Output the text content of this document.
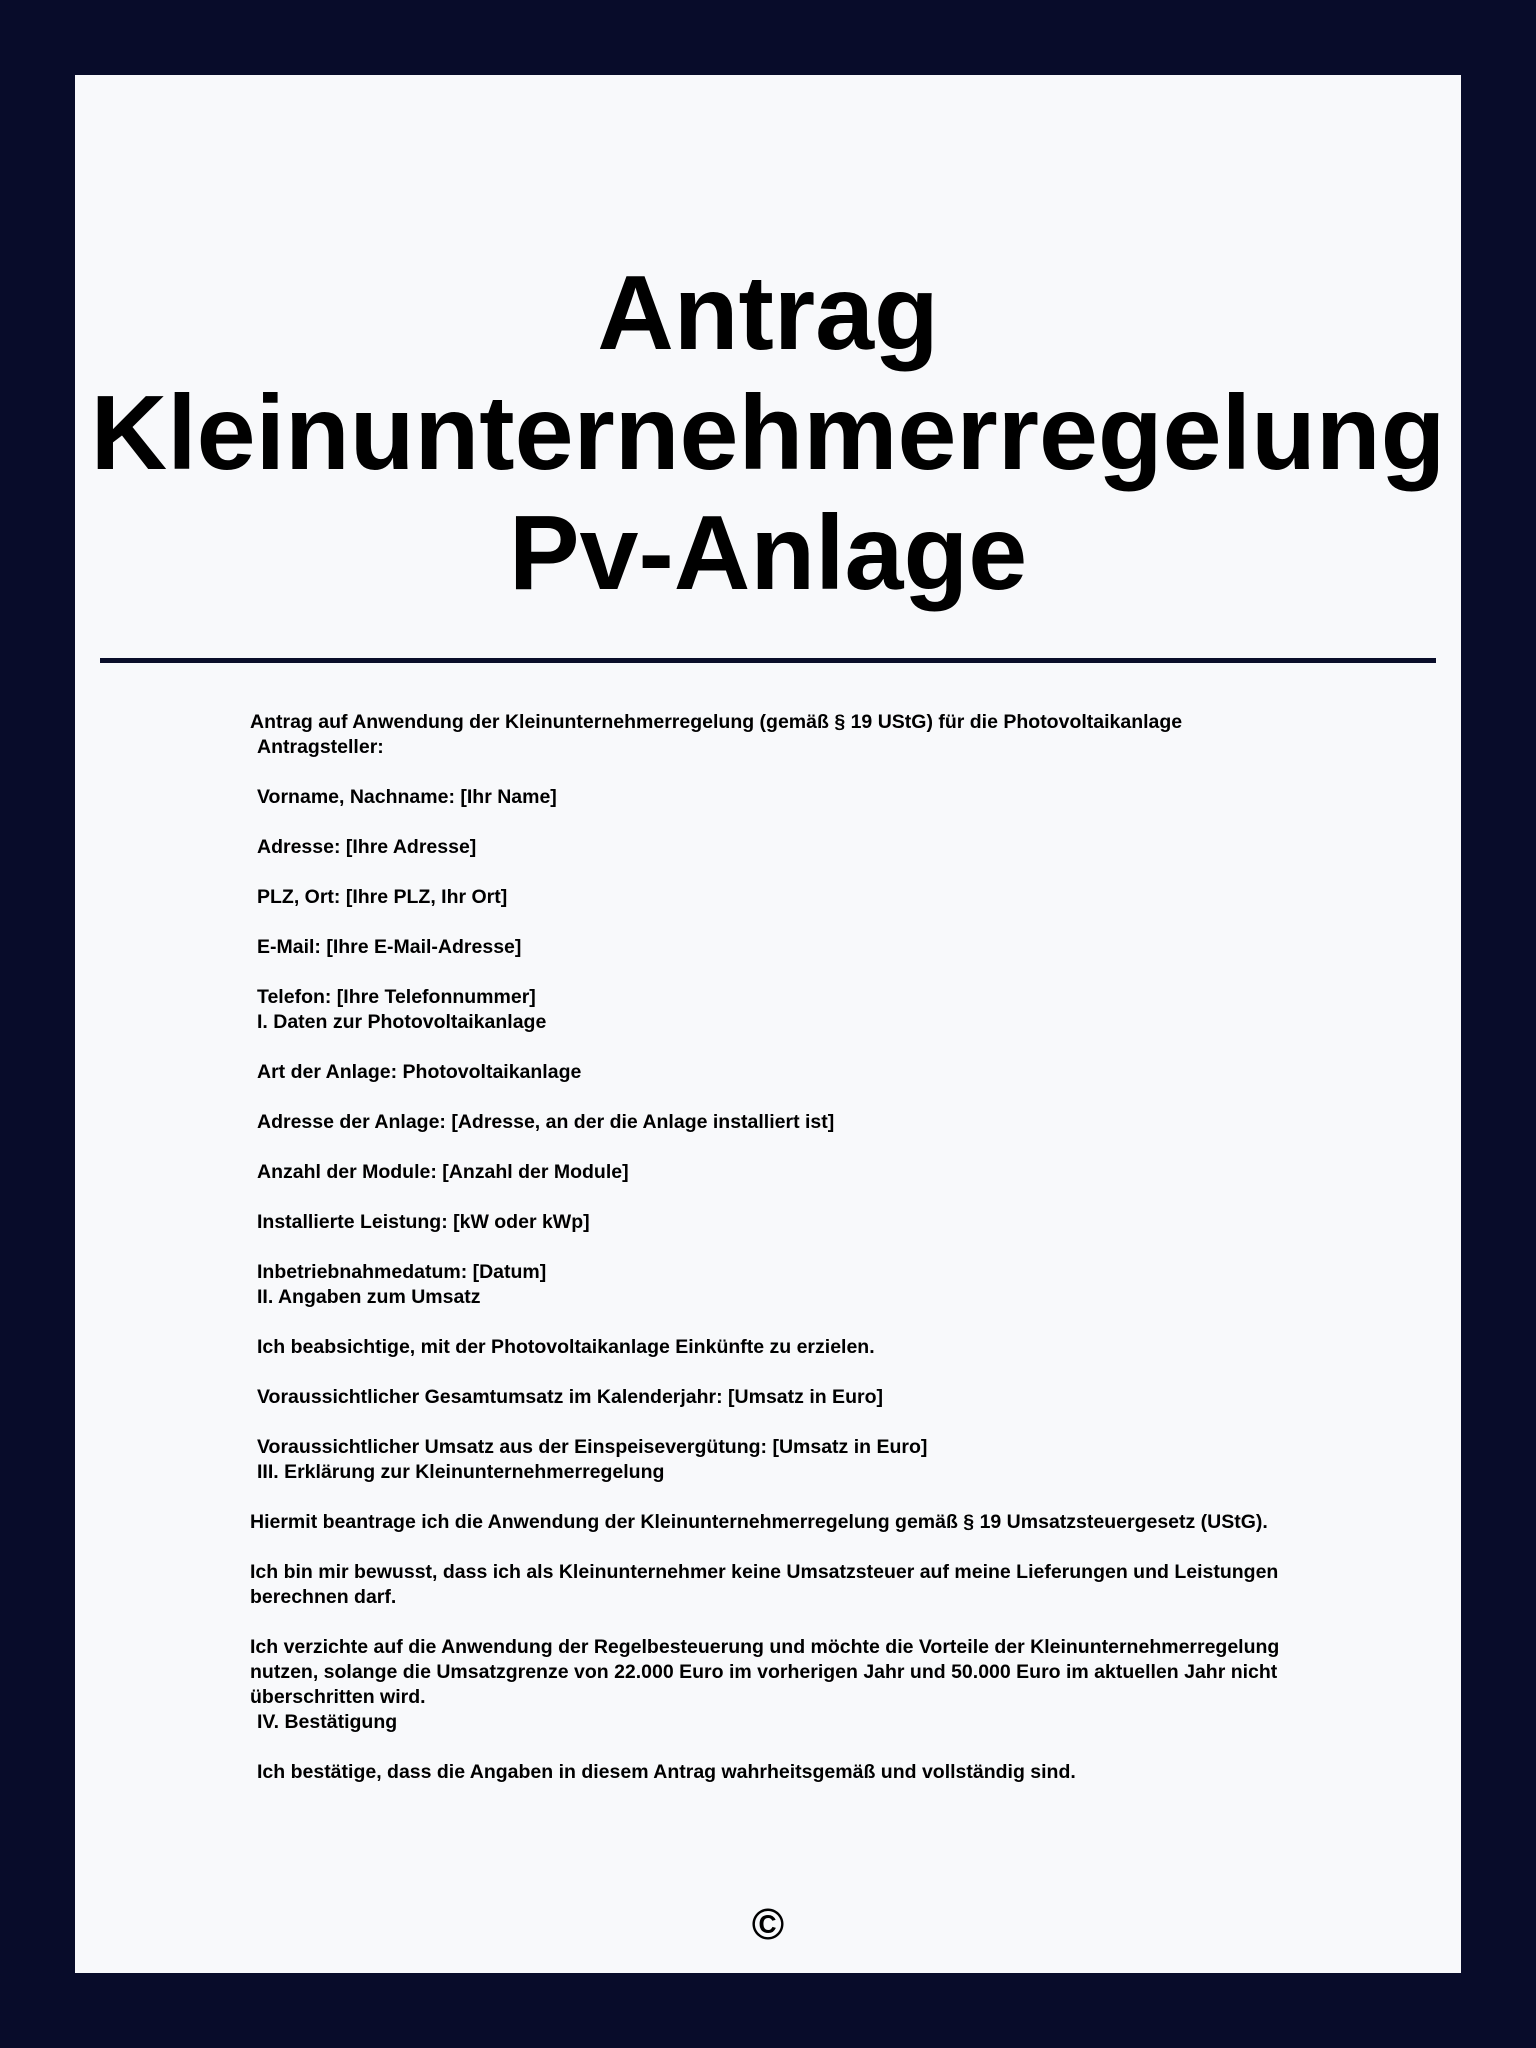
Antrag
Kleinunternehmerregelung
Pv-Anlage

Antrag auf Anwendung der Kleinunternehmerregelung (gemäß § 19 UStG) für die Photovoltaikanlage

Antragsteller:

Vorname, Nachname: [Ihr Name]

Adresse: [Ihre Adresse]

PLZ, Ort: [Ihre PLZ, Ihr Ort]

E-Mail: [Ihre E-Mail-Adresse]

Telefon: [Ihre Telefonnummer]

I. Daten zur Photovoltaikanlage

Art der Anlage: Photovoltaikanlage

Adresse der Anlage: [Adresse, an der die Anlage installiert ist]

Anzahl der Module: [Anzahl der Module]

Installierte Leistung: [kW oder kWp]

Inbetriebnahmedatum: [Datum]

II. Angaben zum Umsatz

Ich beabsichtige, mit der Photovoltaikanlage Einkünfte zu erzielen.

Voraussichtlicher Gesamtumsatz im Kalenderjahr: [Umsatz in Euro]

Voraussichtlicher Umsatz aus der Einspeisevergütung: [Umsatz in Euro]

III. Erklärung zur Kleinunternehmerregelung

Hiermit beantrage ich die Anwendung der Kleinunternehmerregelung gemäß § 19 Umsatzsteuergesetz (UStG).

Ich bin mir bewusst, dass ich als Kleinunternehmer keine Umsatzsteuer auf meine Lieferungen und Leistungen berechnen darf.

Ich verzichte auf die Anwendung der Regelbesteuerung und möchte die Vorteile der Kleinunternehmerregelung nutzen, solange die Umsatzgrenze von 22.000 Euro im vorherigen Jahr und 50.000 Euro im aktuellen Jahr nicht überschritten wird.

IV. Bestätigung

Ich bestätige, dass die Angaben in diesem Antrag wahrheitsgemäß und vollständig sind.

©
